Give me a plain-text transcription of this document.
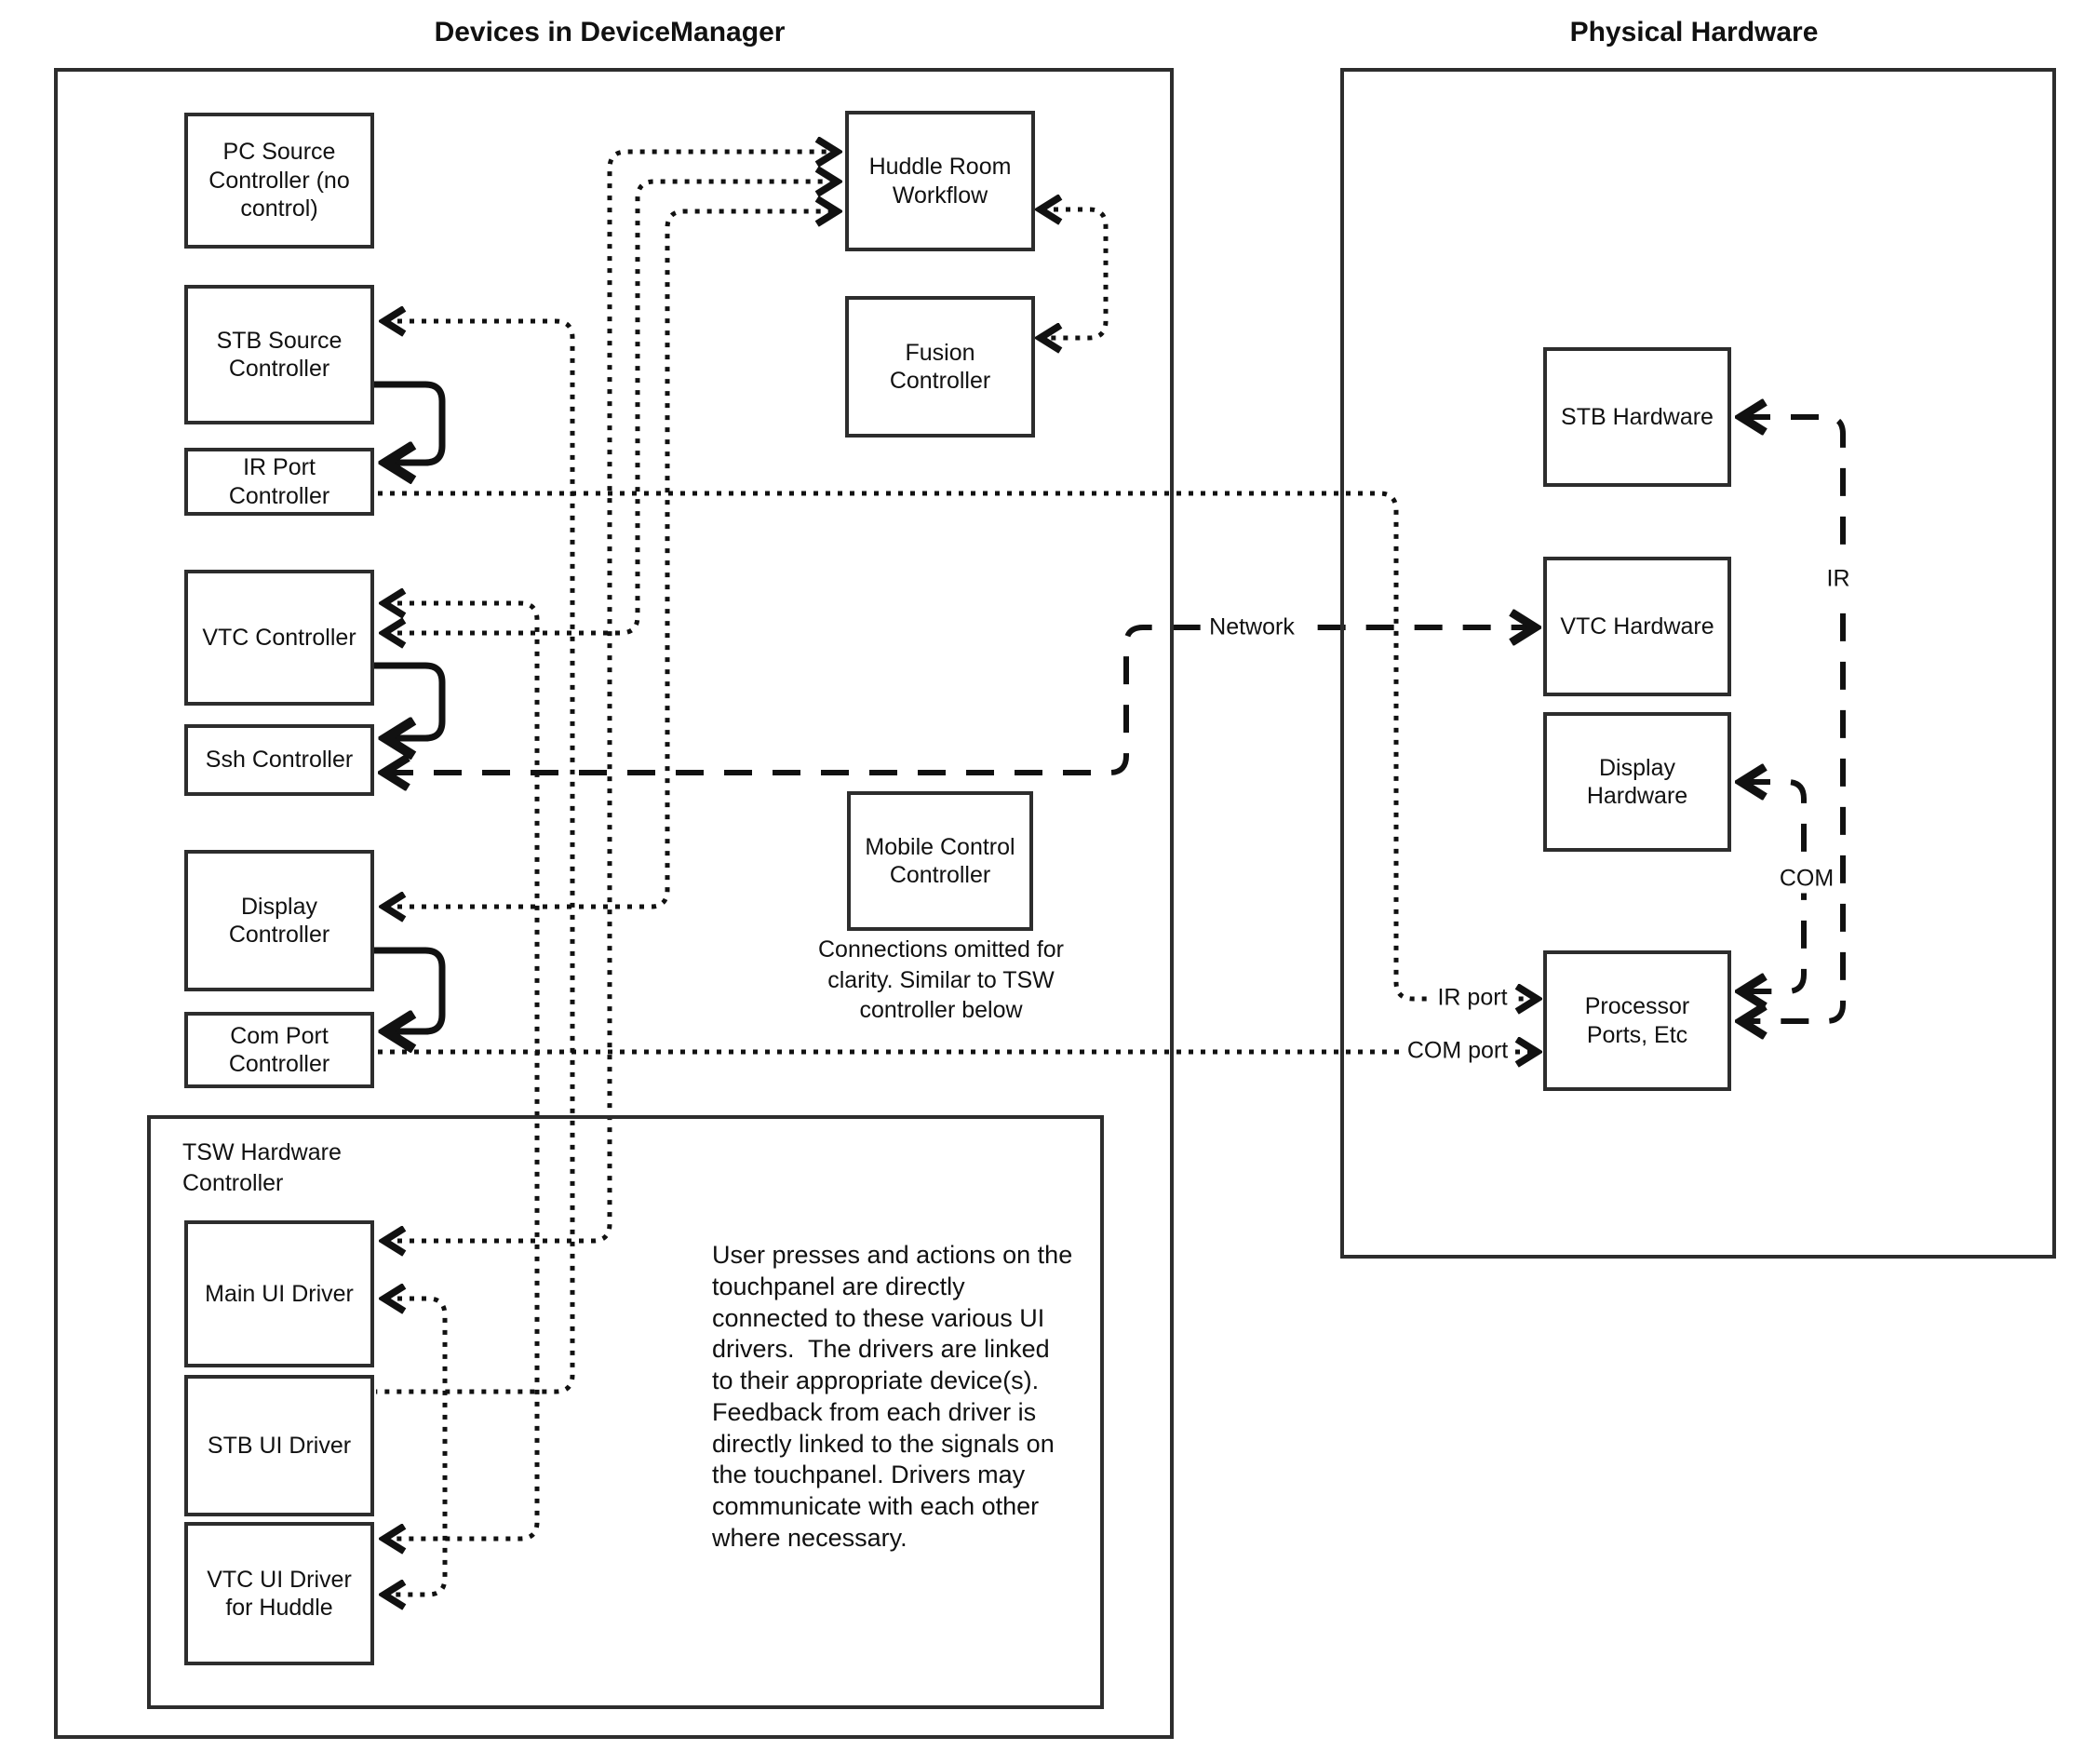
Devices in DeviceManager	Physical Hardware
TSW Hardware Controller
PC Source Controller (no control)
STB Source Controller
IR Port Controller
VTC Controller
Ssh Controller
Display Controller
Com Port Controller
Huddle Room Workflow
Fusion Controller
Mobile Control Controller
Connections omitted for clarity. Similar to TSW controller below
Main UI Driver
STB UI Driver
VTC UI Driver for Huddle
User presses and actions on the touchpanel are directly connected to these various UI drivers.  The drivers are linked to their appropriate device(s). Feedback from each driver is directly linked to the signals on the touchpanel. Drivers may communicate with each other where necessary.
STB Hardware
VTC Hardware
Display Hardware
Processor Ports, Etc
Network
IR
COM
IR port
COM port
